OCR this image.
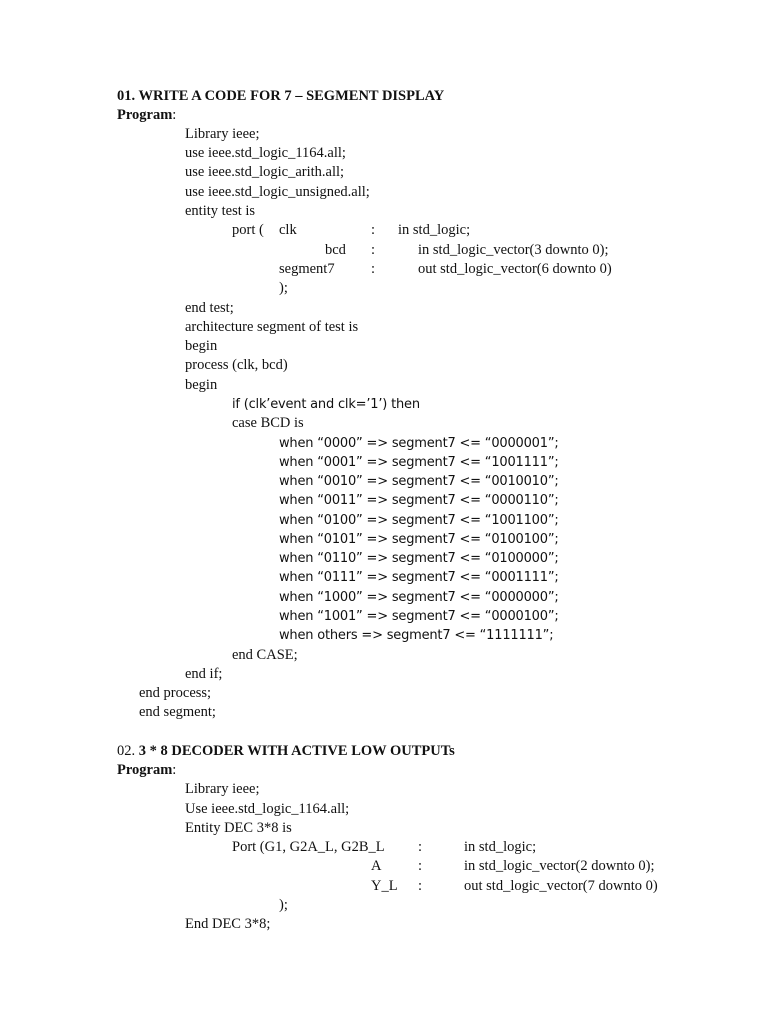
01. WRITE A CODE FOR 7 – SEGMENT DISPLAY
Program:
Library ieee;
use ieee.std_logic_1164.all;
use ieee.std_logic_arith.all;
use ieee.std_logic_unsigned.all;
entity test is
port ( clk	: in std_logic;
bcd :	in std_logic_vector(3 downto 0);
segment7	:	out std_logic_vector(6 downto 0)
);
end test;
architecture segment of test is
begin
process (clk, bcd)
begin
if (clk’event and clk=’1’) then
case BCD is
when “0000” => segment7 <= “0000001”;
when “0001” => segment7 <= “1001111”;
when “0010” => segment7 <= “0010010”;
when “0011” => segment7 <= “0000110”;
when “0100” => segment7 <= “1001100”;
when “0101” => segment7 <= “0100100”;
when “0110” => segment7 <= “0100000”;
when “0111” => segment7 <= “0001111”;
when “1000” => segment7 <= “0000000”;
when “1001” => segment7 <= “0000100”;
when others => segment7 <= “1111111”;
end CASE;
end if;
end process;
end segment;
02. 3 * 8 DECODER WITH ACTIVE LOW OUTPUTs
Program:
Library ieee;
Use ieee.std_logic_1164.all;
Entity DEC 3*8 is
Port (G1, G2A_L, G2B_L :	in std_logic;
A	:	in std_logic_vector(2 downto 0);
Y_L :	out std_logic_vector(7 downto 0)
);
End DEC 3*8;
